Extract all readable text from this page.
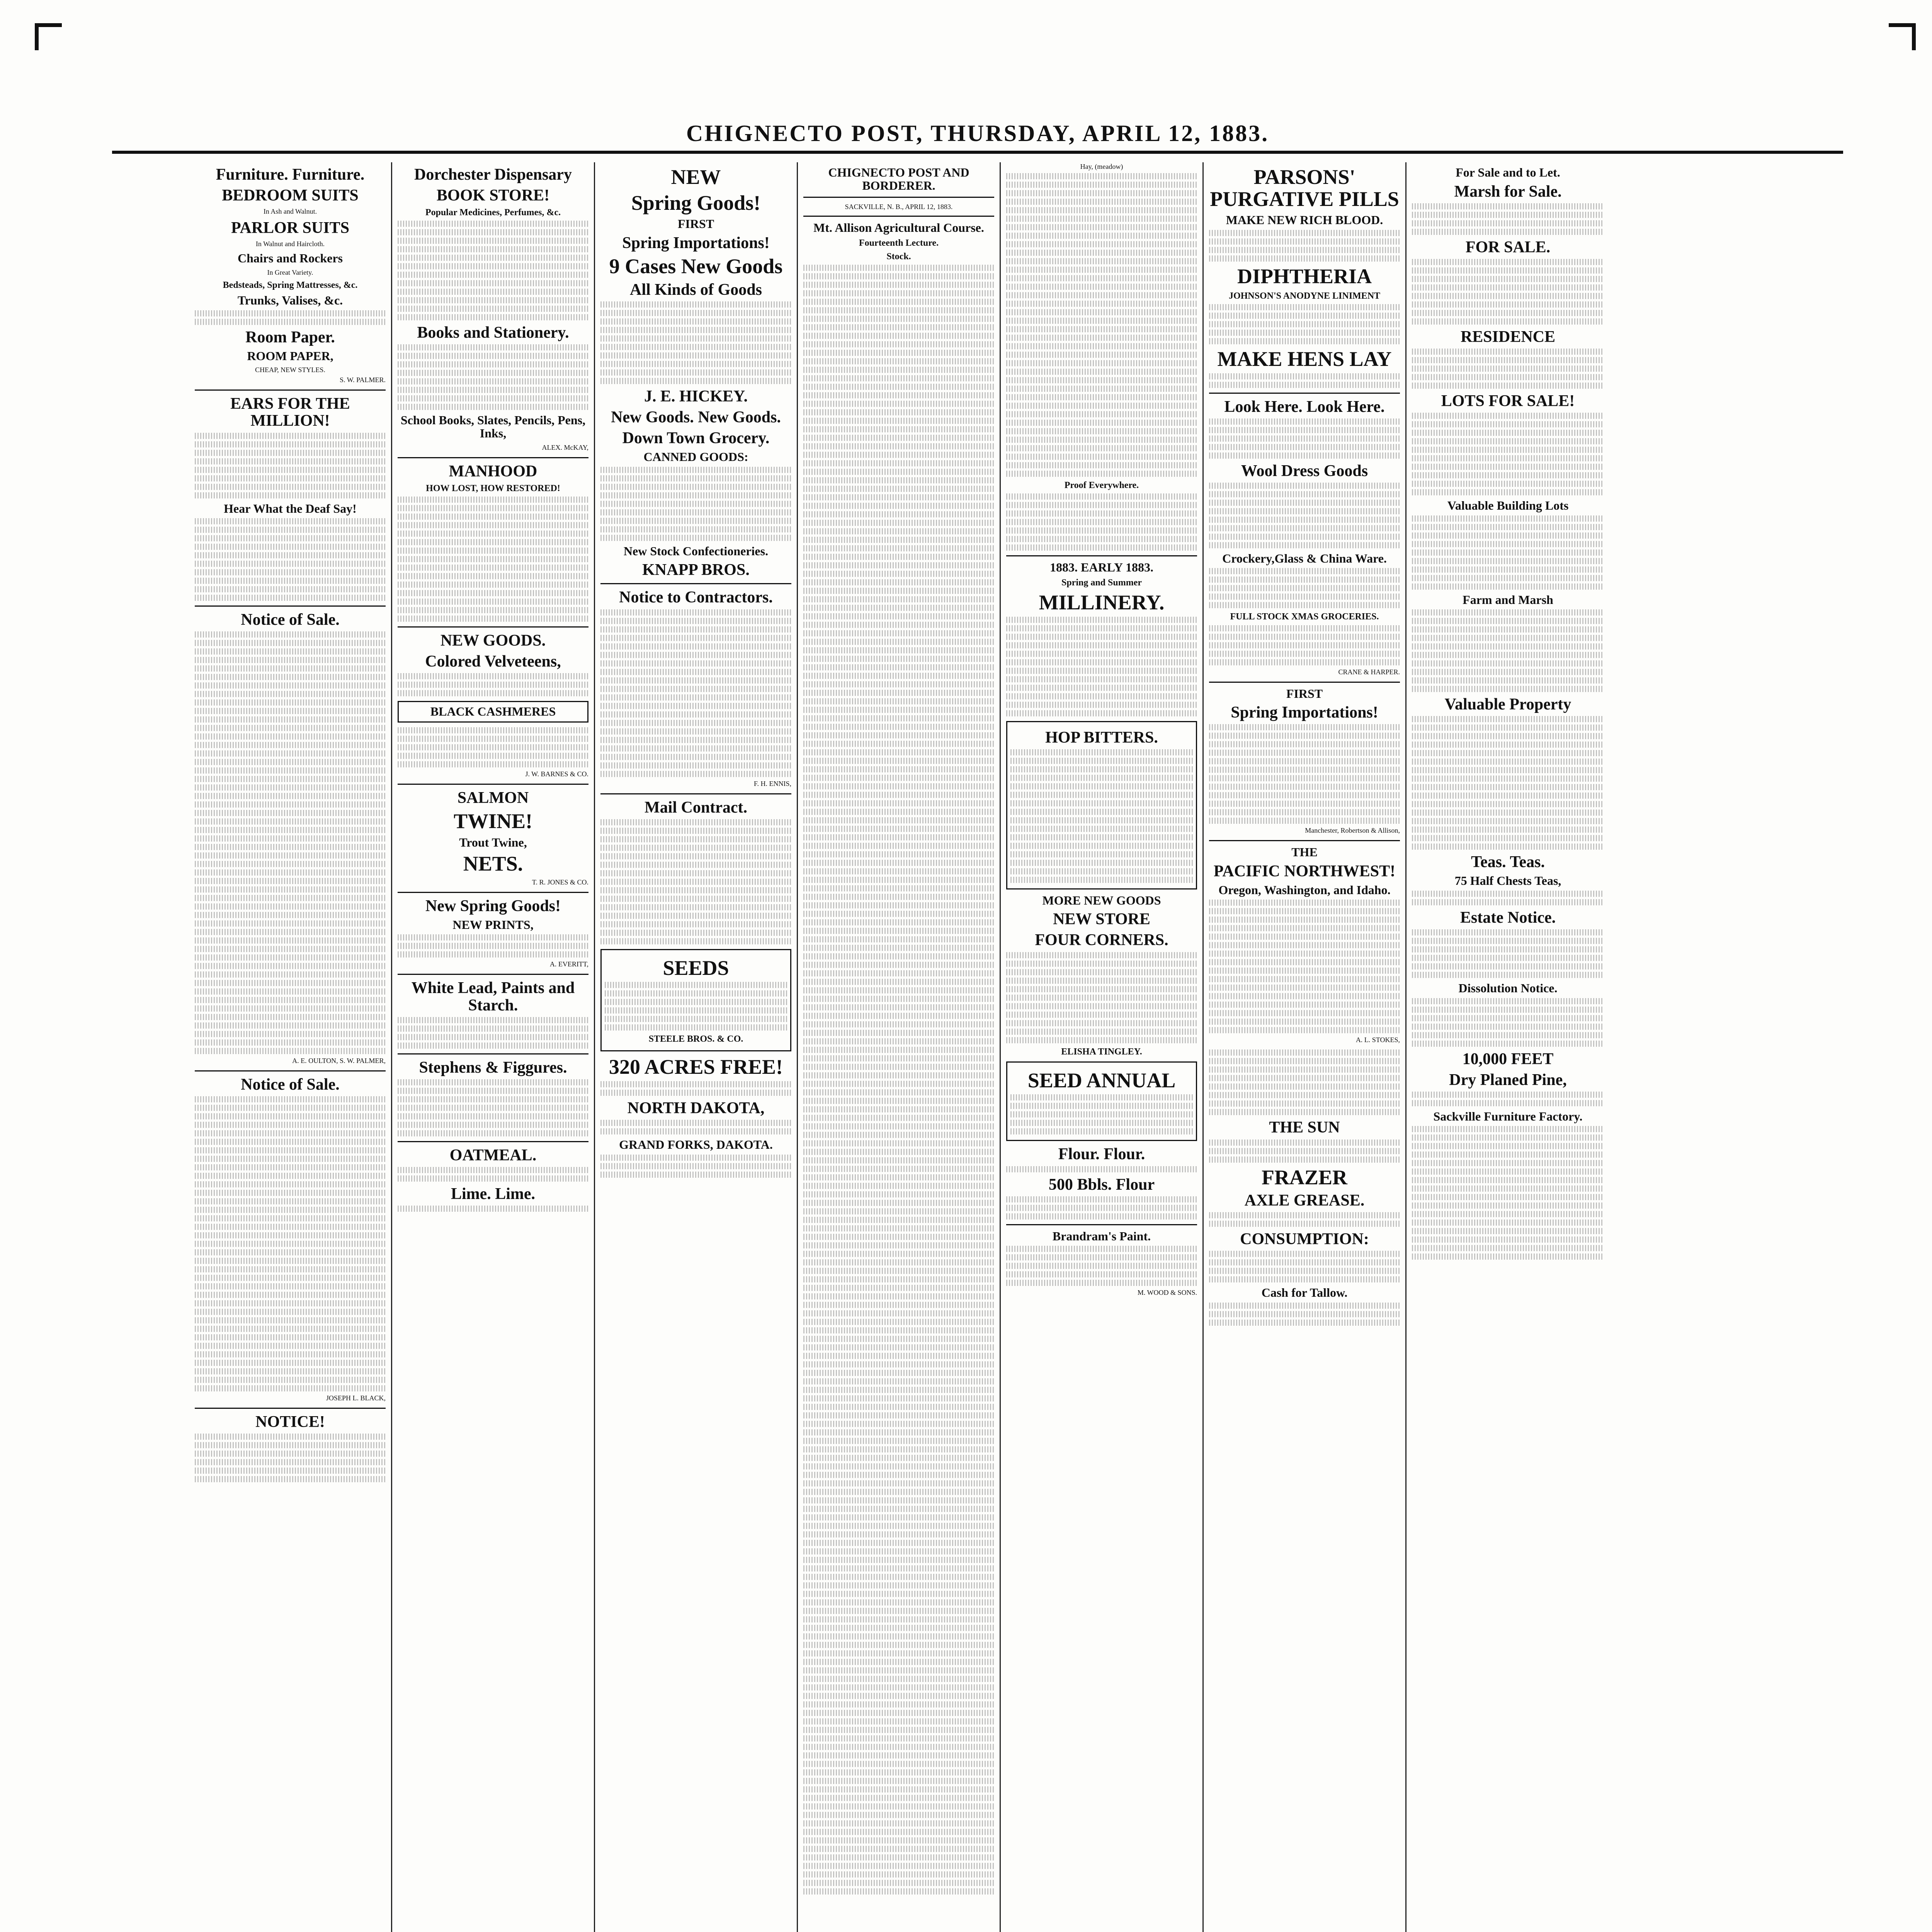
CHIGNECTO POST, THURSDAY, APRIL 12, 1883.
Furniture. Furniture.
BEDROOM SUITS
In Ash and Walnut.
PARLOR SUITS
In Walnut and Haircloth.
Chairs and Rockers
In Great Variety.
Bedsteads, Spring Mattresses, &c.
Trunks, Valises, &c.
Room Paper.
ROOM PAPER,
CHEAP, NEW STYLES.
S. W. PALMER.
EARS FOR THE MILLION!
Hear What the Deaf Say!
Notice of Sale.
A. E. OULTON, S. W. PALMER,
Notice of Sale.
JOSEPH L. BLACK,
NOTICE!
Dorchester Dispensary
BOOK STORE!
Popular Medicines, Perfumes, &c.
Books and Stationery.
School Books, Slates, Pencils, Pens, Inks,
ALEX. McKAY,
MANHOOD
HOW LOST, HOW RESTORED!
NEW GOODS.
Colored Velveteens,
BLACK CASHMERES
J. W. BARNES & CO.
SALMON
TWINE!
Trout Twine,
NETS.
T. R. JONES & CO.
New Spring Goods!
NEW PRINTS,
A. EVERITT,
White Lead, Paints and Starch.
Stephens & Figgures.
OATMEAL.
Lime. Lime.
NEW
Spring Goods!
FIRST
Spring Importations!
9 Cases New Goods
All Kinds of Goods
J. E. HICKEY.
New Goods. New Goods.
Down Town Grocery.
CANNED GOODS:
New Stock Confectioneries.
KNAPP BROS.
Notice to Contractors.
F. H. ENNIS,
Mail Contract.
SEEDS
STEELE BROS. & CO.
320 ACRES FREE!
NORTH DAKOTA,
GRAND FORKS, DAKOTA.
CHIGNECTO POST AND BORDERER.
SACKVILLE, N. B., APRIL 12, 1883.
Mt. Allison Agricultural Course.
Fourteenth Lecture.
Stock.
Hay, (meadow)
Proof Everywhere.
1883. EARLY 1883.
Spring and Summer
MILLINERY.
HOP BITTERS.
MORE NEW GOODS
NEW STORE
FOUR CORNERS.
ELISHA TINGLEY.
SEED ANNUAL
Flour. Flour.
500 Bbls. Flour
Brandram's Paint.
M. WOOD & SONS.
PARSONS' PURGATIVE PILLS
MAKE NEW RICH BLOOD.
DIPHTHERIA
JOHNSON'S ANODYNE LINIMENT
MAKE HENS LAY
Look Here. Look Here.
Wool Dress Goods
Crockery,Glass & China Ware.
FULL STOCK XMAS GROCERIES.
CRANE & HARPER.
FIRST
Spring Importations!
Manchester, Robertson & Allison,
THE
PACIFIC NORTHWEST!
Oregon, Washington, and Idaho.
A. L. STOKES,
THE SUN
FRAZER
AXLE GREASE.
CONSUMPTION:
Cash for Tallow.
For Sale and to Let.
Marsh for Sale.
FOR SALE.
RESIDENCE
LOTS FOR SALE!
Valuable Building Lots
Farm and Marsh
Valuable Property
Teas. Teas.
75 Half Chests Teas,
Estate Notice.
Dissolution Notice.
10,000 FEET
Dry Planed Pine,
Sackville Furniture Factory.
